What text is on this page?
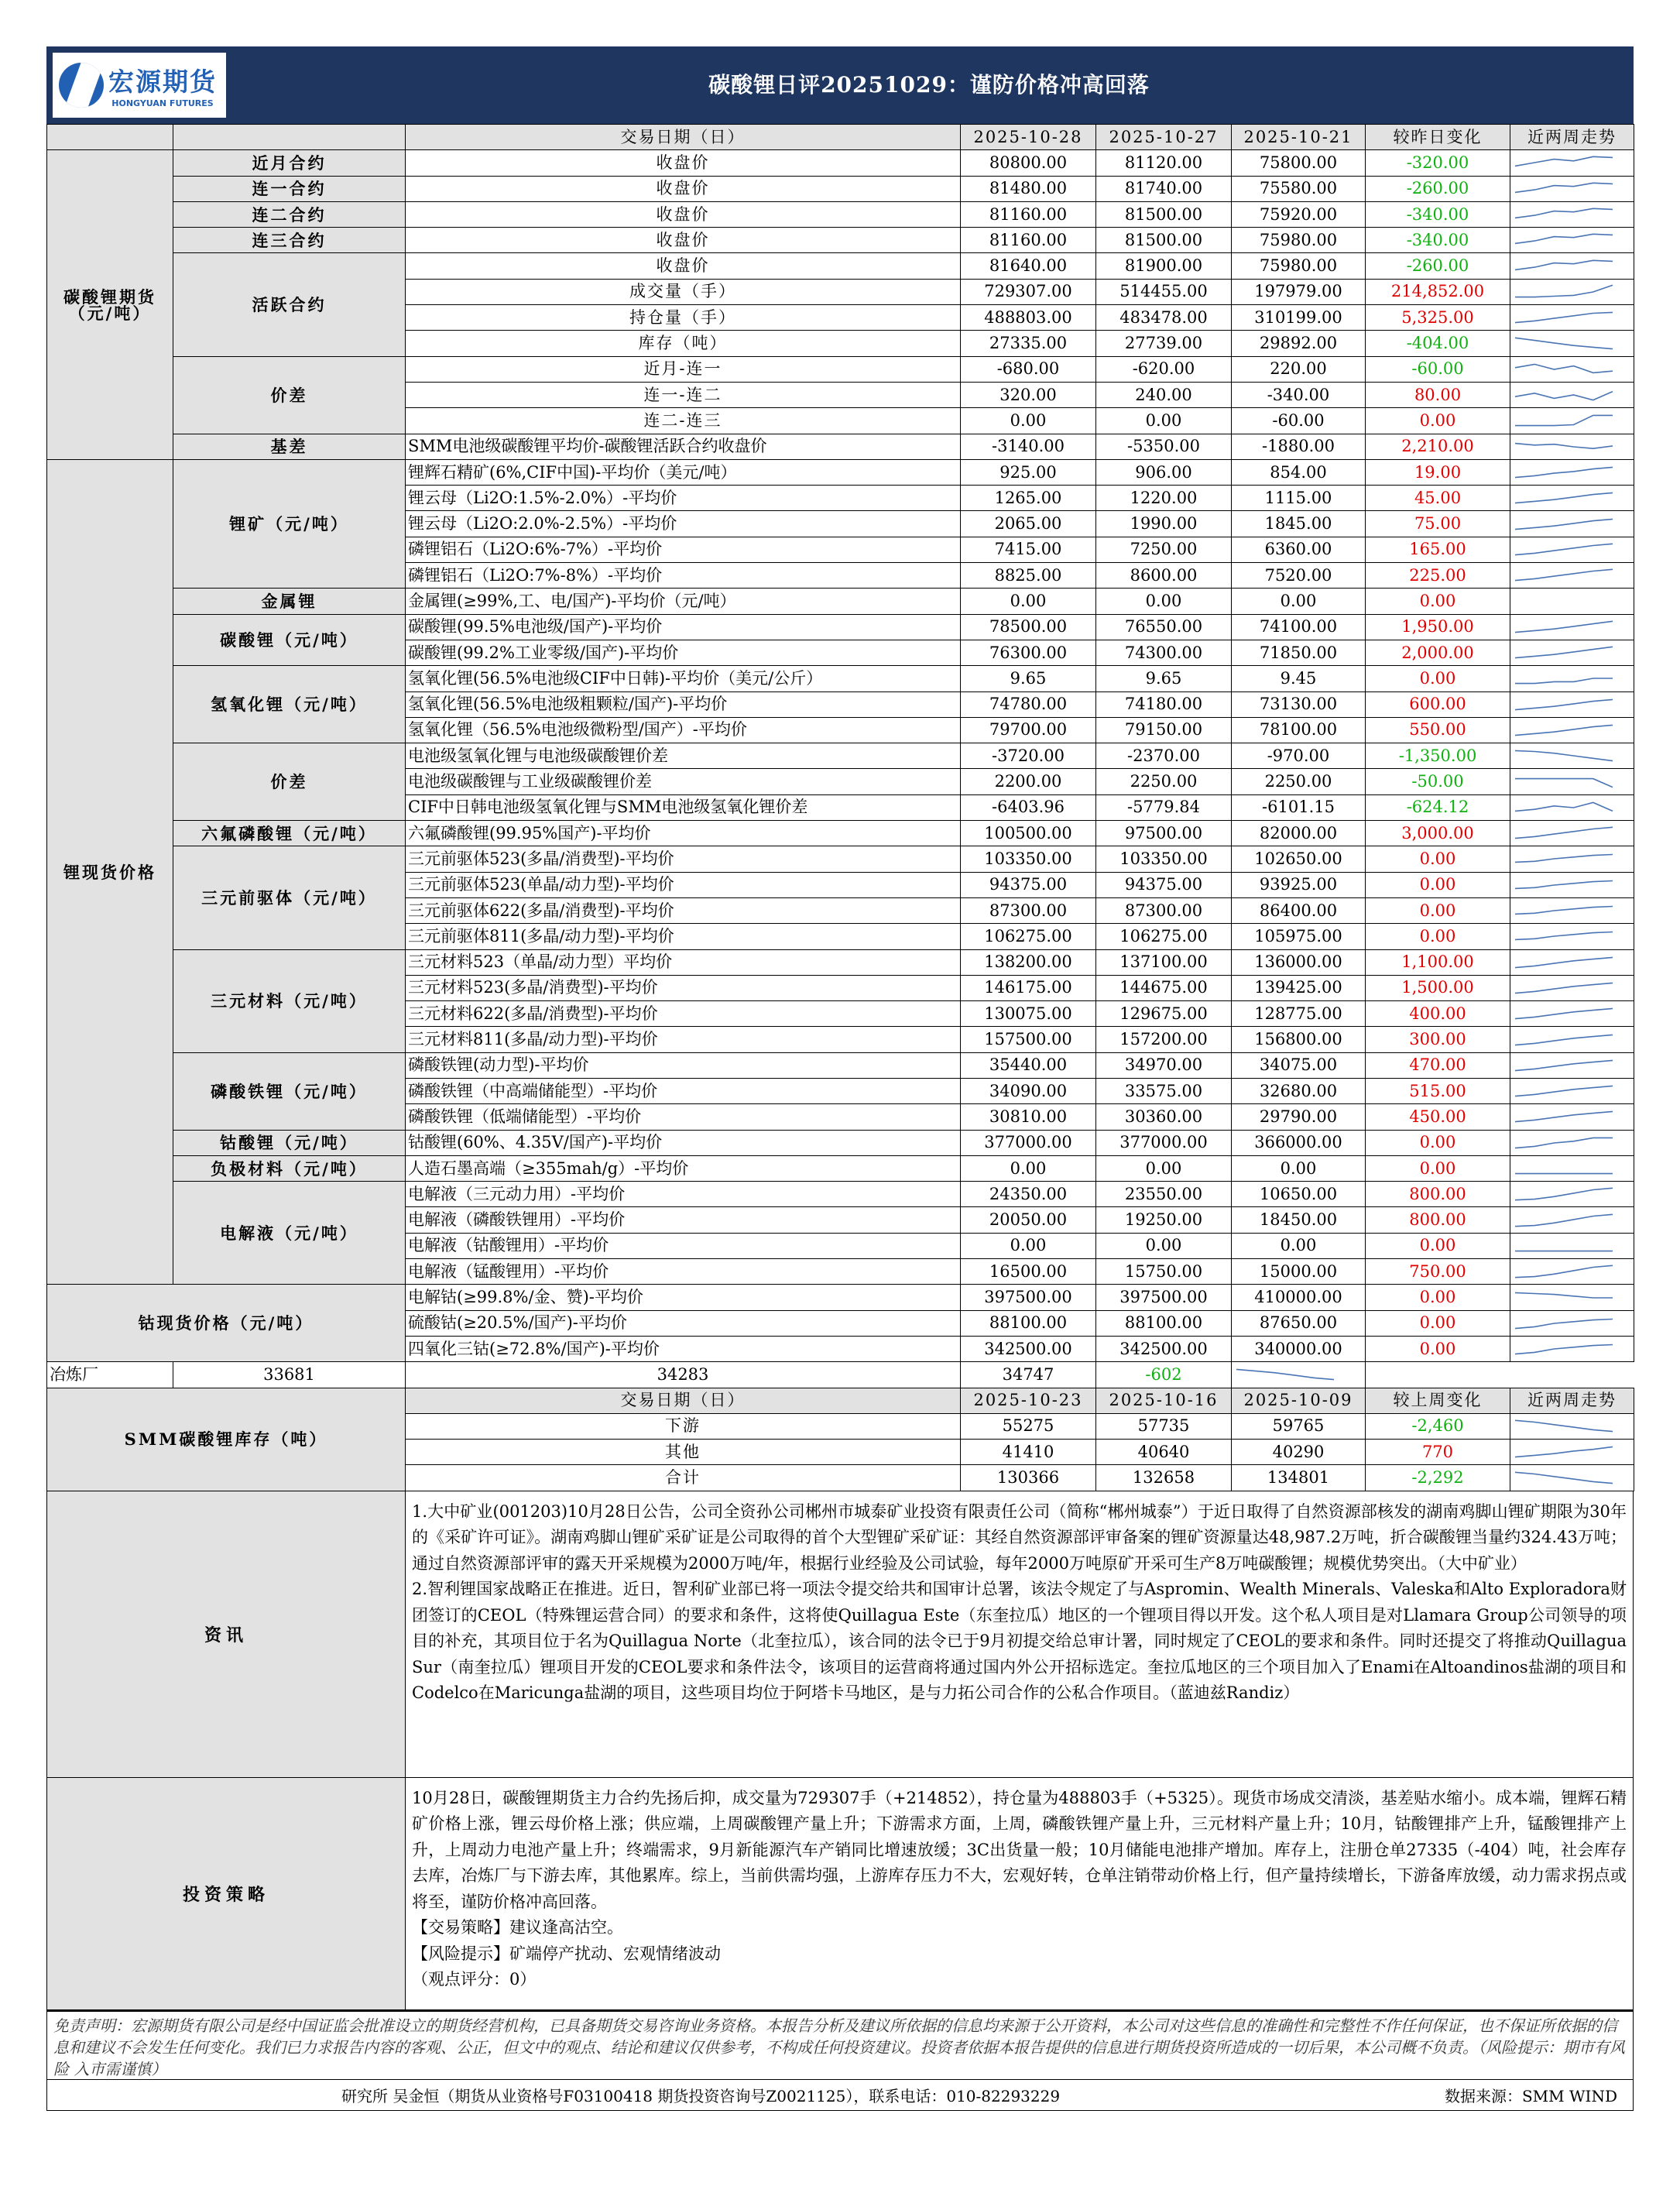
宏源期货
HONGYUAN FUTURES
碳酸锂日评20251029：谨防价格冲高回落
		交易日期（日）	2025-10-28	2025-10-27	2025-10-21	较昨日变化	近两周走势
碳酸锂期货（元/吨）	近月合约	收盘价	80800.00	81120.00	75800.00	-320.00	

	连一合约	收盘价	81480.00	81740.00	75580.00	-260.00	

	连二合约	收盘价	81160.00	81500.00	75920.00	-340.00	

	连三合约	收盘价	81160.00	81500.00	75980.00	-340.00	

	活跃合约	收盘价	81640.00	81900.00	75980.00	-260.00	

		成交量（手）	729307.00	514455.00	197979.00	214,852.00	

		持仓量（手）	488803.00	483478.00	310199.00	5,325.00	

		库存（吨）	27335.00	27739.00	29892.00	-404.00	

	价差	近月-连一	-680.00	-620.00	220.00	-60.00	

		连一-连二	320.00	240.00	-340.00	80.00	

		连二-连三	0.00	0.00	-60.00	0.00	

	基差	SMM电池级碳酸锂平均价-碳酸锂活跃合约收盘价	-3140.00	-5350.00	-1880.00	2,210.00	

锂现货价格	锂矿（元/吨）	锂辉石精矿(6%,CIF中国)-平均价（美元/吨）	925.00	906.00	854.00	19.00	

		锂云母（Li2O:1.5%-2.0%）-平均价	1265.00	1220.00	1115.00	45.00	

		锂云母（Li2O:2.0%-2.5%）-平均价	2065.00	1990.00	1845.00	75.00	

		磷锂铝石（Li2O:6%-7%）-平均价	7415.00	7250.00	6360.00	165.00	

		磷锂铝石（Li2O:7%-8%）-平均价	8825.00	8600.00	7520.00	225.00	

	金属锂	金属锂(≥99%,工、电/国产)-平均价（元/吨）	0.00	0.00	0.00	0.00	

	碳酸锂（元/吨）	碳酸锂(99.5%电池级/国产)-平均价	78500.00	76550.00	74100.00	1,950.00	

		碳酸锂(99.2%工业零级/国产)-平均价	76300.00	74300.00	71850.00	2,000.00	

	氢氧化锂（元/吨）	氢氧化锂(56.5%电池级CIF中日韩)-平均价（美元/公斤）	9.65	9.65	9.45	0.00	

		氢氧化锂(56.5%电池级粗颗粒/国产)-平均价	74780.00	74180.00	73130.00	600.00	

		氢氧化锂（56.5%电池级微粉型/国产）-平均价	79700.00	79150.00	78100.00	550.00	

	价差	电池级氢氧化锂与电池级碳酸锂价差	-3720.00	-2370.00	-970.00	-1,350.00	

		电池级碳酸锂与工业级碳酸锂价差	2200.00	2250.00	2250.00	-50.00	

		CIF中日韩电池级氢氧化锂与SMM电池级氢氧化锂价差	-6403.96	-5779.84	-6101.15	-624.12	

	六氟磷酸锂（元/吨）	六氟磷酸锂(99.95%国产)-平均价	100500.00	97500.00	82000.00	3,000.00	

	三元前驱体（元/吨）	三元前驱体523(多晶/消费型)-平均价	103350.00	103350.00	102650.00	0.00	

		三元前驱体523(单晶/动力型)-平均价	94375.00	94375.00	93925.00	0.00	

		三元前驱体622(多晶/消费型)-平均价	87300.00	87300.00	86400.00	0.00	

		三元前驱体811(多晶/动力型)-平均价	106275.00	106275.00	105975.00	0.00	

	三元材料（元/吨）	三元材料523（单晶/动力型）平均价	138200.00	137100.00	136000.00	1,100.00	

		三元材料523(多晶/消费型)-平均价	146175.00	144675.00	139425.00	1,500.00	

		三元材料622(多晶/消费型)-平均价	130075.00	129675.00	128775.00	400.00	

		三元材料811(多晶/动力型)-平均价	157500.00	157200.00	156800.00	300.00	

	磷酸铁锂（元/吨）	磷酸铁锂(动力型)-平均价	35440.00	34970.00	34075.00	470.00	

		磷酸铁锂（中高端储能型）-平均价	34090.00	33575.00	32680.00	515.00	

		磷酸铁锂（低端储能型）-平均价	30810.00	30360.00	29790.00	450.00	

	钴酸锂（元/吨）	钴酸锂(60%、4.35V/国产)-平均价	377000.00	377000.00	366000.00	0.00	

	负极材料（元/吨）	人造石墨高端（≥355mah/g）-平均价	0.00	0.00	0.00	0.00	

	电解液（元/吨）	电解液（三元动力用）-平均价	24350.00	23550.00	10650.00	800.00	

		电解液（磷酸铁锂用）-平均价	20050.00	19250.00	18450.00	800.00	

		电解液（钴酸锂用）-平均价	0.00	0.00	0.00	0.00	

		电解液（锰酸锂用）-平均价	16500.00	15750.00	15000.00	750.00	

钴现货价格（元/吨）		电解钴(≥99.8%/金、赞)-平均价	397500.00	397500.00	410000.00	0.00	

		硫酸钴(≥20.5%/国产)-平均价	88100.00	88100.00	87650.00	0.00	

		四氧化三钴(≥72.8%/国产)-平均价	342500.00	342500.00	340000.00	0.00	

冶炼厂	33681	34283	34747	-602	

SMM碳酸锂库存（吨）		交易日期（日）	2025-10-23	2025-10-16	2025-10-09	较上周变化	近两周走势
		下游	55275	57735	59765	-2,460	

		其他	41410	40640	40290	770	

		合计	130366	132658	134801	-2,292	
资讯

1.大中矿业(001203)10月28日公告，公司全资孙公司郴州市城泰矿业投资有限责任公司（简称“郴州城泰”）于近日取得了自然资源部核发的湖南鸡脚山锂矿期限为30年的《采矿许可证》。湖南鸡脚山锂矿采矿证是公司取得的首个大型锂矿采矿证：其经自然资源部评审备案的锂矿资源量达48,987.2万吨，折合碳酸锂当量约324.43万吨；通过自然资源部评审的露天开采规模为2000万吨/年，根据行业经验及公司试验，每年2000万吨原矿开采可生产8万吨碳酸锂；规模优势突出。（大中矿业）

2.智利锂国家战略正在推进。近日，智利矿业部已将一项法令提交给共和国审计总署，该法令规定了与Aspromin、Wealth Minerals、Valeska和Alto Exploradora财团签订的CEOL（特殊锂运营合同）的要求和条件，这将使Quillagua Este（东奎拉瓜）地区的一个锂项目得以开发。这个私人项目是对Llamara Group公司领导的项目的补充，其项目位于名为Quillagua Norte（北奎拉瓜），该合同的法令已于9月初提交给总审计署，同时规定了CEOL的要求和条件。同时还提交了将推动Quillagua Sur（南奎拉瓜）锂项目开发的CEOL要求和条件法令，该项目的运营商将通过国内外公开招标选定。奎拉瓜地区的三个项目加入了Enami在Altoandinos盐湖的项目和Codelco在Maricunga盐湖的项目，这些项目均位于阿塔卡马地区，是与力拓公司合作的公私合作项目。（蓝迪兹Randiz）

投资策略

10月28日，碳酸锂期货主力合约先扬后抑，成交量为729307手（+214852），持仓量为488803手（+5325）。现货市场成交清淡，基差贴水缩小。成本端，锂辉石精矿价格上涨，锂云母价格上涨；供应端，上周碳酸锂产量上升；下游需求方面，上周，磷酸铁锂产量上升，三元材料产量上升；10月，钴酸锂排产上升，锰酸锂排产上升，上周动力电池产量上升；终端需求，9月新能源汽车产销同比增速放缓；3C出货量一般；10月储能电池排产增加。库存上，注册仓单27335（-404）吨，社会库存去库，冶炼厂与下游去库，其他累库。综上，当前供需均强，上游库存压力不大，宏观好转，仓单注销带动价格上行，但产量持续增长，下游备库放缓，动力需求拐点或将至，谨防价格冲高回落。

【交易策略】建议逢高沽空。

【风险提示】矿端停产扰动、宏观情绪波动

（观点评分：0）

免责声明：宏源期货有限公司是经中国证监会批准设立的期货经营机构，已具备期货交易咨询业务资格。本报告分析及建议所依据的信息均来源于公开资料，本公司对这些信息的准确性和完整性不作任何保证，也不保证所依据的信息和建议不会发生任何变化。我们已力求报告内容的客观、公正，但文中的观点、结论和建议仅供参考，不构成任何投资建议。投资者依据本报告提供的信息进行期货投资所造成的一切后果，本公司概不负责。（风险提示：期市有风险 入市需谨慎）
研究所 吴金恒（期货从业资格号F03100418 期货投资咨询号Z0021125），联系电话：010-82293229	数据来源：SMM WIND
